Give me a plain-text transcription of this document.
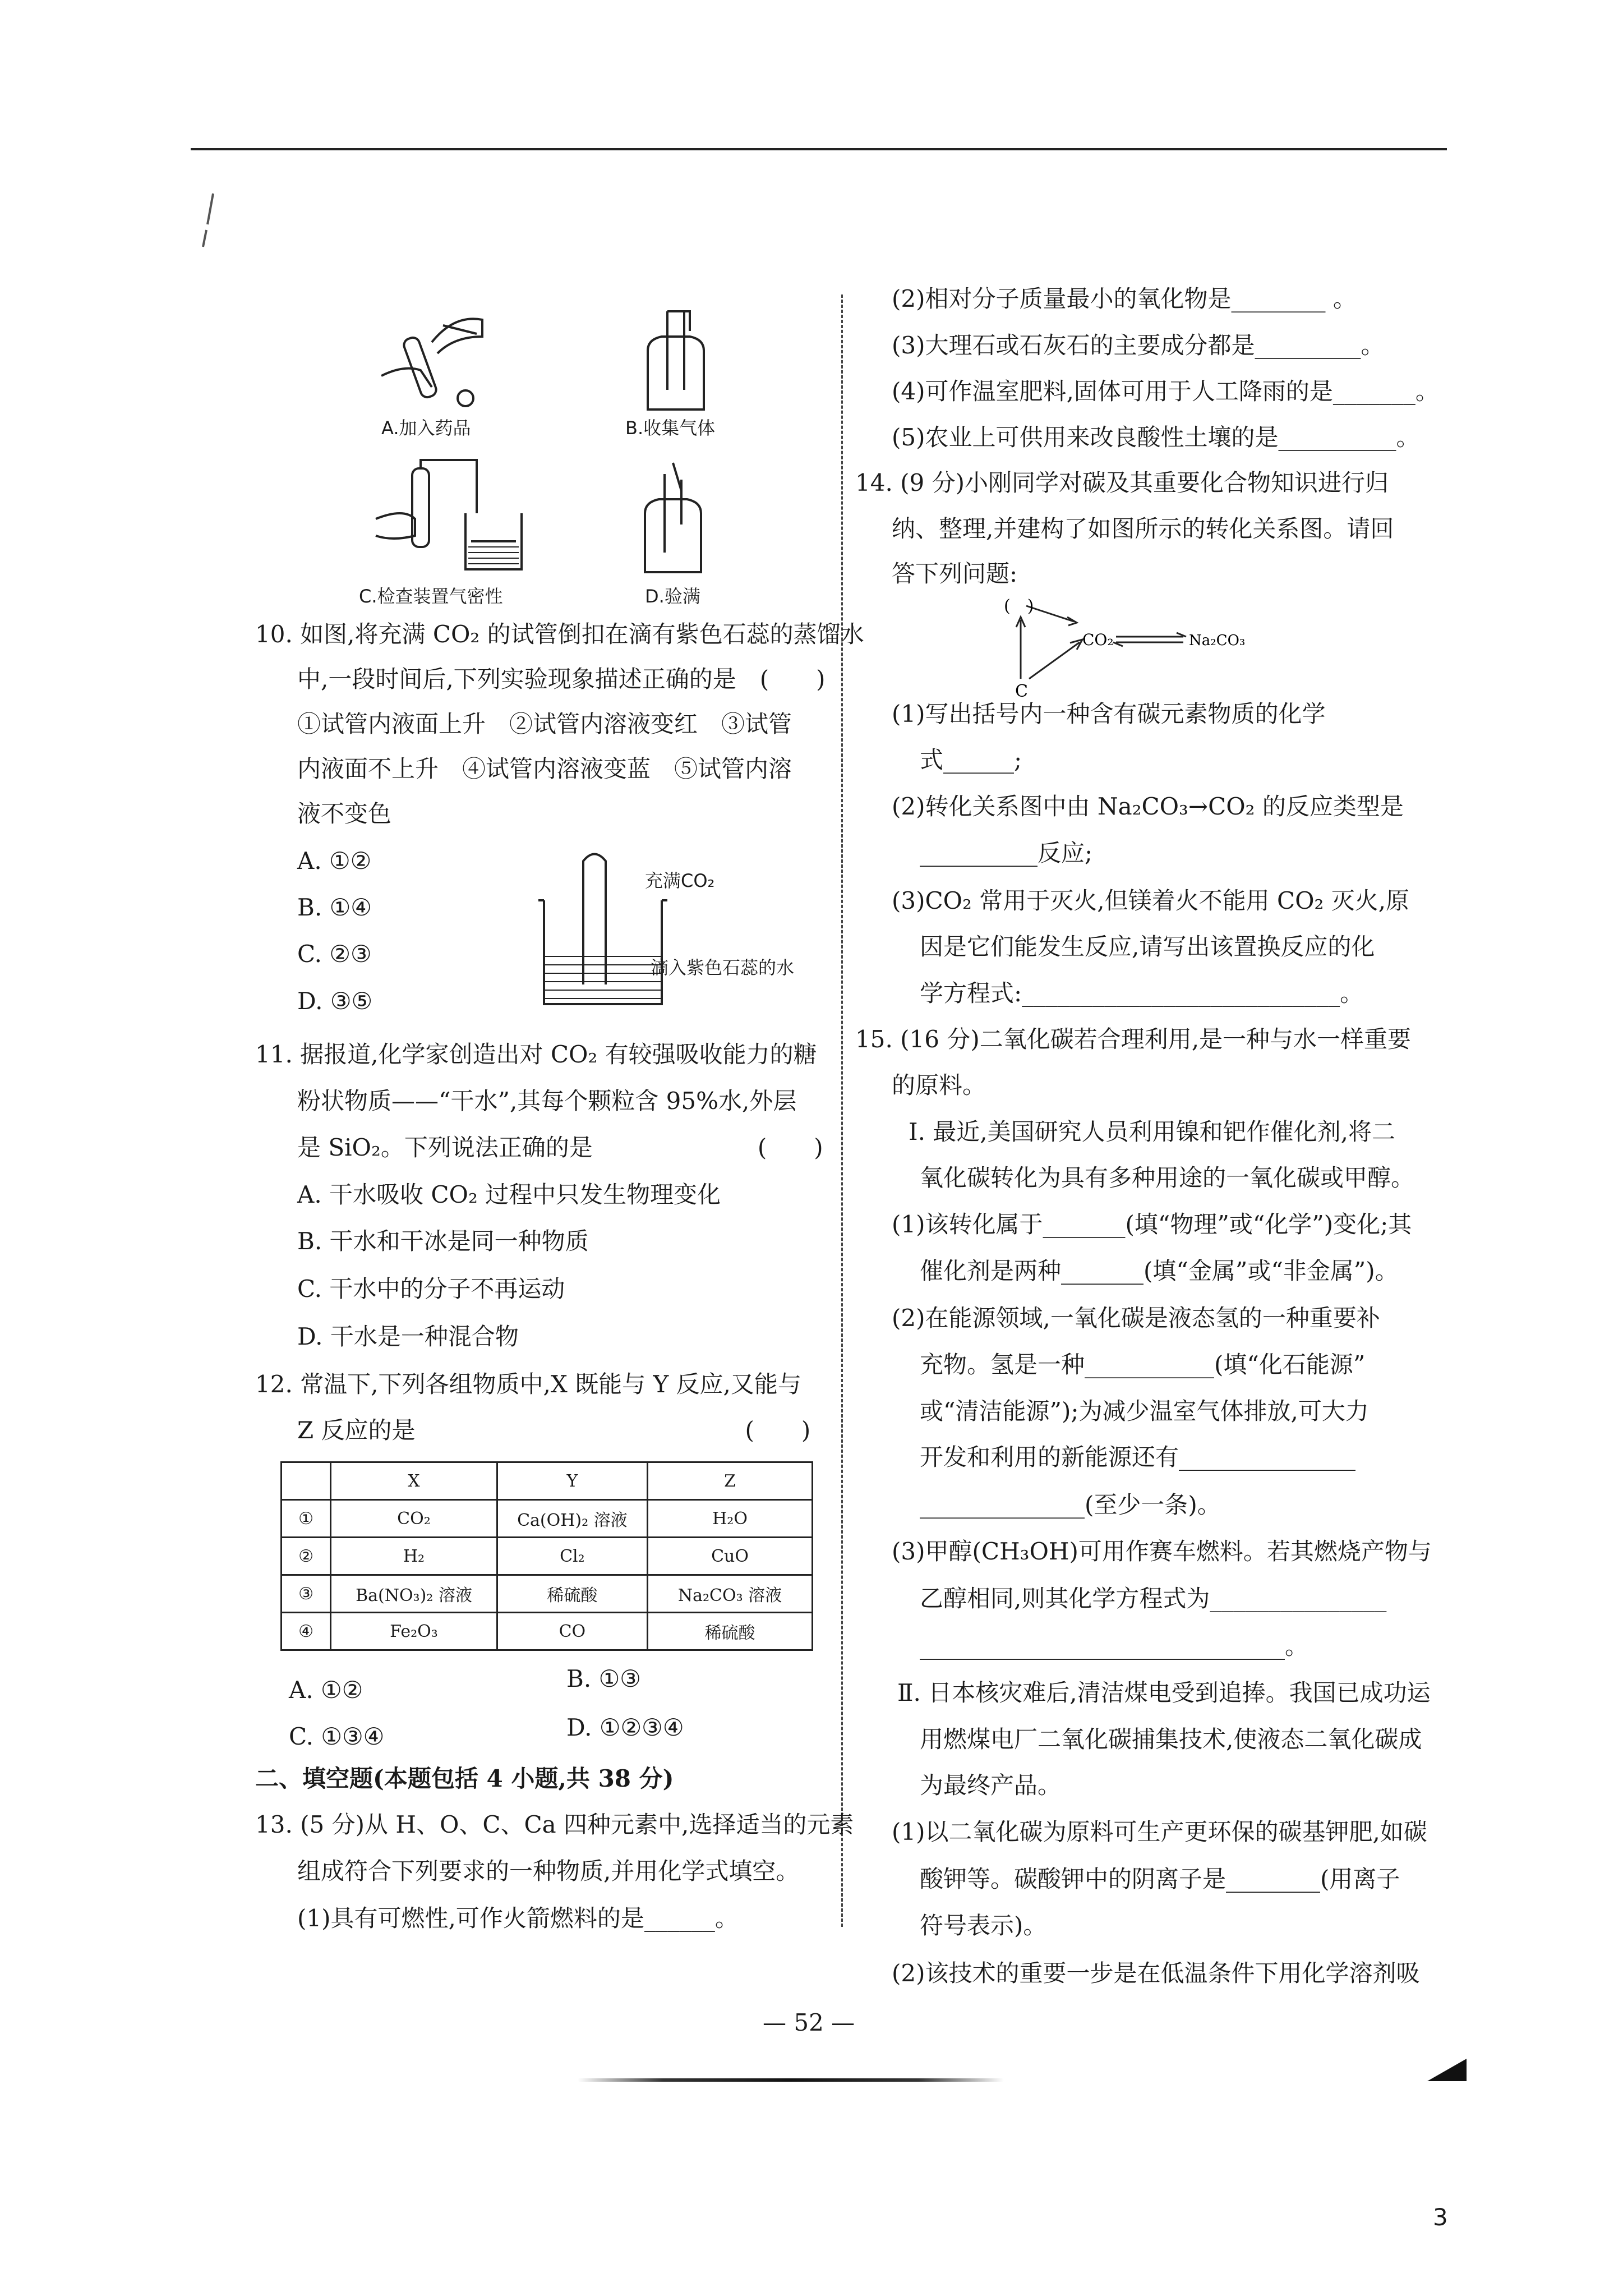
A.加入药品	B.收集气体
C.检查装置气密性	D.验满
10. 如图,将充满 CO₂ 的试管倒扣在滴有紫色石蕊的蒸馏水
中,一段时间后,下列实验现象描述正确的是　(　　)
①试管内液面上升　②试管内溶液变红　③试管
内液面不上升　④试管内溶液变蓝　⑤试管内溶
液不变色
A. ①②
B. ①④
C. ②③
D. ③⑤
充满CO₂
滴入紫色石蕊的水
11. 据报道,化学家创造出对 CO₂ 有较强吸收能力的糖
粉状物质——“干水”,其每个颗粒含 95%水,外层
是 SiO₂。下列说法正确的是　　　　　　　(　　)
A. 干水吸收 CO₂ 过程中只发生物理变化
B. 干水和干冰是同一种物质
C. 干水中的分子不再运动
D. 干水是一种混合物
12. 常温下,下列各组物质中,X 既能与 Y 反应,又能与
Z 反应的是　　　　　　　　　　　　　　(　　)
	X	Y	Z
①	CO₂	Ca(OH)₂ 溶液	H₂O
②	H₂	Cl₂	CuO
③	Ba(NO₃)₂ 溶液	稀硫酸	Na₂CO₃ 溶液
④	Fe₂O₃	CO	稀硫酸
A. ①②	B. ①③
C. ①③④	D. ①②③④
二、填空题(本题包括 4 小题,共 38 分)
13. (5 分)从 H、O、C、Ca 四种元素中,选择适当的元素
组成符合下列要求的一种物质,并用化学式填空。
(1)具有可燃性,可作火箭燃料的是______。
(2)相对分子质量最小的氧化物是________ 。
(3)大理石或石灰石的主要成分都是_________。
(4)可作温室肥料,固体可用于人工降雨的是_______。
(5)农业上可供用来改良酸性土壤的是__________。
14. (9 分)小刚同学对碳及其重要化合物知识进行归
纳、整理,并建构了如图所示的转化关系图。请回
答下列问题:
(　)
CO₂	Na₂CO₃
C
(1)写出括号内一种含有碳元素物质的化学
式______;
(2)转化关系图中由 Na₂CO₃→CO₂ 的反应类型是
__________反应;
(3)CO₂ 常用于灭火,但镁着火不能用 CO₂ 灭火,原
因是它们能发生反应,请写出该置换反应的化
学方程式:___________________________。
15. (16 分)二氧化碳若合理利用,是一种与水一样重要
的原料。
Ⅰ. 最近,美国研究人员利用镍和钯作催化剂,将二
氧化碳转化为具有多种用途的一氧化碳或甲醇。
(1)该转化属于_______(填“物理”或“化学”)变化;其
催化剂是两种_______(填“金属”或“非金属”)。
(2)在能源领域,一氧化碳是液态氢的一种重要补
充物。氢是一种___________(填“化石能源”
或“清洁能源”);为减少温室气体排放,可大力
开发和利用的新能源还有_______________
______________(至少一条)。
(3)甲醇(CH₃OH)可用作赛车燃料。若其燃烧产物与
乙醇相同,则其化学方程式为_______________
_______________________________。
Ⅱ. 日本核灾难后,清洁煤电受到追捧。我国已成功运
用燃煤电厂二氧化碳捕集技术,使液态二氧化碳成
为最终产品。
(1)以二氧化碳为原料可生产更环保的碳基钾肥,如碳
酸钾等。碳酸钾中的阴离子是________(用离子
符号表示)。
(2)该技术的重要一步是在低温条件下用化学溶剂吸
— 52 —
3
